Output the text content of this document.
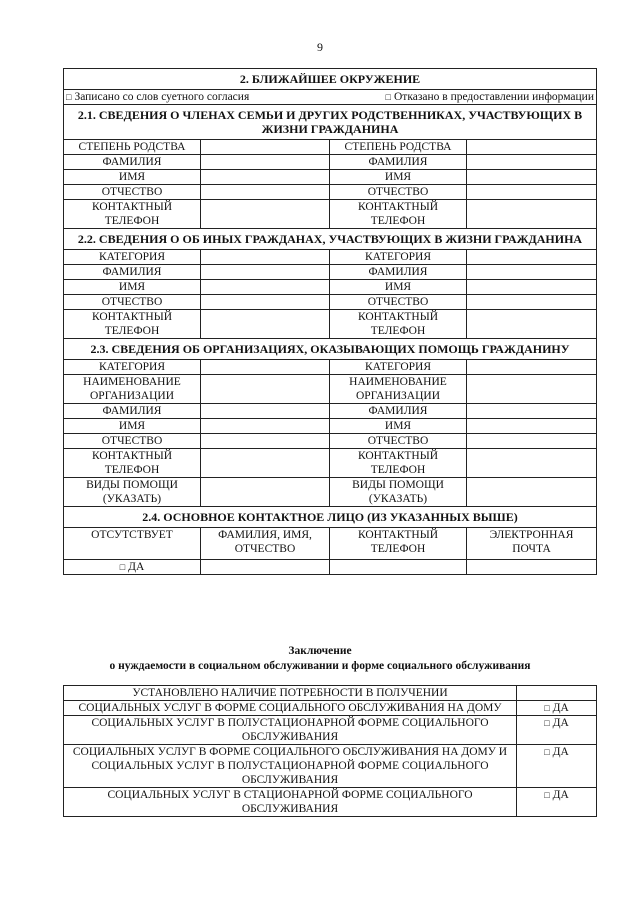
9
2. БЛИЖАЙШЕЕ ОКРУЖЕНИЕ			
□ Записано со слов суетного согласия	□Отказано в предоставлении информации
2.1. СВЕДЕНИЯ О ЧЛЕНАХ СЕМЬИ И ДРУГИХ РОДСТВЕННИКАХ, УЧАСТВУЮЩИХ В ЖИЗНИ ГРАЖДАНИНА			
СТЕПЕНЬ РОДСТВА		СТЕПЕНЬ РОДСТВА	
ФАМИЛИЯ		ФАМИЛИЯ	
ИМЯ		ИМЯ	
ОТЧЕСТВО		ОТЧЕСТВО	
КОНТАКТНЫЙ ТЕЛЕФОН		КОНТАКТНЫЙ ТЕЛЕФОН	
2.2. СВЕДЕНИЯ О ОБ ИНЫХ ГРАЖДАНАХ, УЧАСТВУЮЩИХ В ЖИЗНИ ГРАЖДАНИНА			
КАТЕГОРИЯ		КАТЕГОРИЯ	
ФАМИЛИЯ		ФАМИЛИЯ	
ИМЯ		ИМЯ	
ОТЧЕСТВО		ОТЧЕСТВО	
КОНТАКТНЫЙ ТЕЛЕФОН		КОНТАКТНЫЙ ТЕЛЕФОН	
2.3. СВЕДЕНИЯ ОБ ОРГАНИЗАЦИЯХ, ОКАЗЫВАЮЩИХ ПОМОЩЬ ГРАЖДАНИНУ			
КАТЕГОРИЯ		КАТЕГОРИЯ	
НАИМЕНОВАНИЕ ОРГАНИЗАЦИИ		НАИМЕНОВАНИЕ ОРГАНИЗАЦИИ	
ФАМИЛИЯ		ФАМИЛИЯ	
ИМЯ		ИМЯ	
ОТЧЕСТВО		ОТЧЕСТВО	
КОНТАКТНЫЙ ТЕЛЕФОН		КОНТАКТНЫЙ ТЕЛЕФОН	
ВИДЫ ПОМОЩИ (УКАЗАТЬ)		ВИДЫ ПОМОЩИ (УКАЗАТЬ)	
2.4. ОСНОВНОЕ КОНТАКТНОЕ ЛИЦО (ИЗ УКАЗАННЫХ ВЫШЕ)			
ОТСУТСТВУЕТ	ФАМИЛИЯ, ИМЯ, ОТЧЕСТВО	КОНТАКТНЫЙ ТЕЛЕФОН	ЭЛЕКТРОННАЯ ПОЧТА
□ ДА			
Заключение
о нуждаемости в социальном обслуживании и форме социального обслуживания
УСТАНОВЛЕНО НАЛИЧИЕ ПОТРЕБНОСТИ В ПОЛУЧЕНИИ	
СОЦИАЛЬНЫХ УСЛУГ В ФОРМЕ СОЦИАЛЬНОГО ОБСЛУЖИВАНИЯ НА ДОМУ	□ДА
СОЦИАЛЬНЫХ УСЛУГ В ПОЛУСТАЦИОНАРНОЙ ФОРМЕ СОЦИАЛЬНОГО ОБСЛУЖИВАНИЯ	□ ДА
СОЦИАЛЬНЫХ УСЛУГ В ФОРМЕ СОЦИАЛЬНОГО ОБСЛУЖИВАНИЯ НА ДОМУ И СОЦИАЛЬНЫХ УСЛУГ В ПОЛУСТАЦИОНАРНОЙ ФОРМЕ СОЦИАЛЬНОГО ОБСЛУЖИВАНИЯ	□ ДА
СОЦИАЛЬНЫХ УСЛУГ В СТАЦИОНАРНОЙ ФОРМЕ СОЦИАЛЬНОГО ОБСЛУЖИВАНИЯ	□ ДА
